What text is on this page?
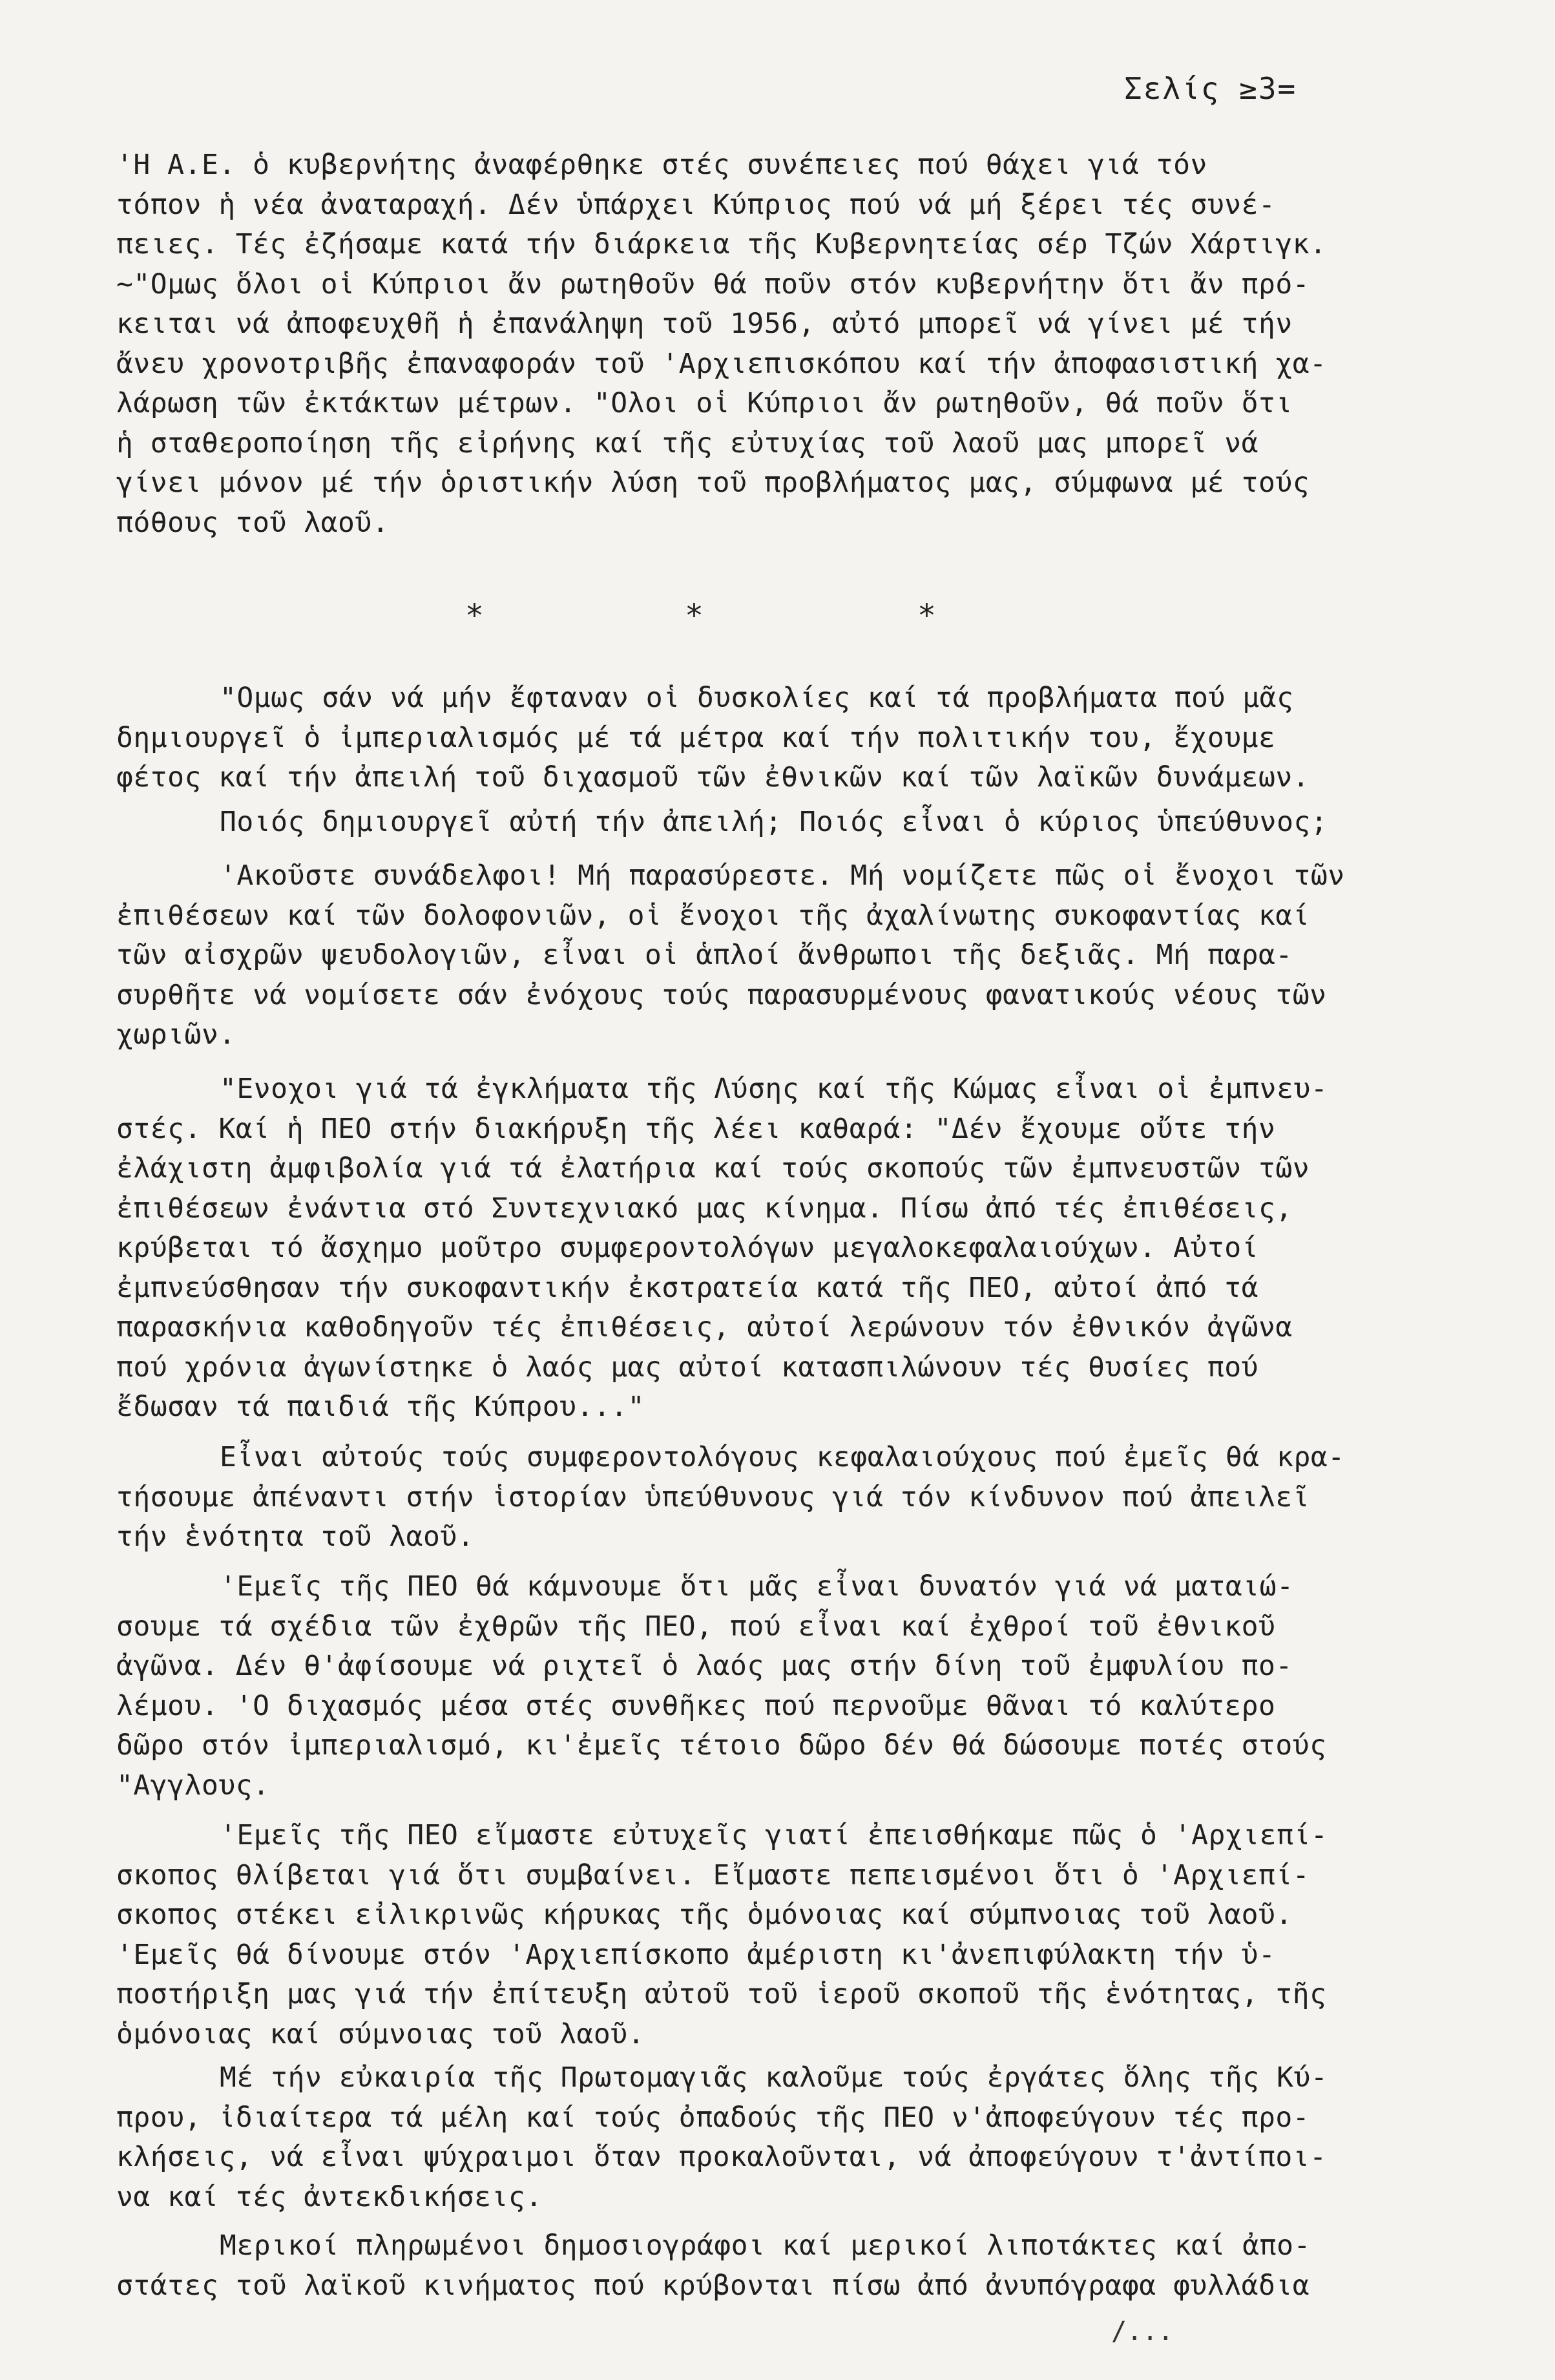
Σελίς ≥3=

'Η Α.Ε. ὁ κυβερνήτης ἀναφέρθηκε στές συνέπειες πού θάχει γιά τόν
τόπον ἡ νέα ἀναταραχή. Δέν ὑπάρχει Κύπριος πού νά μή ξέρει τές συνέ-
πειες. Τές ἐζήσαμε κατά τήν διάρκεια τῆς Κυβερνητείας σέρ Τζών Χάρτιγκ.
~"Ομως ὅλοι οἱ Κύπριοι ἄν ρωτηθοῦν θά ποῦν στόν κυβερνήτην ὅτι ἄν πρό-
κειται νά ἀποφευχθῆ ἡ ἐπανάληψη τοῦ 1956, αὐτό μπορεῖ νά γίνει μέ τήν
ἄνευ χρονοτριβῆς ἐπαναφοράν τοῦ 'Αρχιεπισκόπου καί τήν ἀποφασιστική χα-
λάρωση τῶν ἐκτάκτων μέτρων. "Ολοι οἱ Κύπριοι ἄν ρωτηθοῦν, θά ποῦν ὅτι
ἡ σταθεροποίηση τῆς εἰρήνης καί τῆς εὐτυχίας τοῦ λαοῦ μας μπορεῖ νά
γίνει μόνον μέ τήν ὁριστικήν λύση τοῦ προβλήματος μας, σύμφωνα μέ τούς
πόθους τοῦ λαοῦ.

*	*	*

"Ομως σάν νά μήν ἔφταναν οἱ δυσκολίες καί τά προβλήματα πού μᾶς
δημιουργεῖ ὁ ἰμπεριαλισμός μέ τά μέτρα καί τήν πολιτικήν του, ἔχουμε
φέτος καί τήν ἀπειλή τοῦ διχασμοῦ τῶν ἐθνικῶν καί τῶν λαϊκῶν δυνάμεων.

Ποιός δημιουργεῖ αὐτή τήν ἀπειλή; Ποιός εἶναι ὁ κύριος ὑπεύθυνος;

'Ακοῦστε συνάδελφοι! Μή παρασύρεστε. Μή νομίζετε πῶς οἱ ἔνοχοι τῶν
ἐπιθέσεων καί τῶν δολοφονιῶν, οἱ ἔνοχοι τῆς ἀχαλίνωτης συκοφαντίας καί
τῶν αἰσχρῶν ψευδολογιῶν, εἶναι οἱ ἁπλοί ἄνθρωποι τῆς δεξιᾶς. Μή παρα-
συρθῆτε νά νομίσετε σάν ἐνόχους τούς παρασυρμένους φανατικούς νέους τῶν
χωριῶν.

"Ενοχοι γιά τά ἐγκλήματα τῆς Λύσης καί τῆς Κώμας εἶναι οἱ ἐμπνευ-
στές. Καί ἡ ΠΕΟ στήν διακήρυξη τῆς λέει καθαρά: "Δέν ἔχουμε οὔτε τήν
ἐλάχιστη ἀμφιβολία γιά τά ἐλατήρια καί τούς σκοπούς τῶν ἐμπνευστῶν τῶν
ἐπιθέσεων ἐνάντια στό Συντεχνιακό μας κίνημα. Πίσω ἀπό τές ἐπιθέσεις,
κρύβεται τό ἄσχημο μοῦτρο συμφεροντολόγων μεγαλοκεφαλαιούχων. Αὐτοί
ἐμπνεύσθησαν τήν συκοφαντικήν ἐκστρατεία κατά τῆς ΠΕΟ, αὐτοί ἀπό τά
παρασκήνια καθοδηγοῦν τές ἐπιθέσεις, αὐτοί λερώνουν τόν ἐθνικόν ἀγῶνα
πού χρόνια ἀγωνίστηκε ὁ λαός μας αὐτοί κατασπιλώνουν τές θυσίες πού
ἔδωσαν τά παιδιά τῆς Κύπρου..."

Εἶναι αὐτούς τούς συμφεροντολόγους κεφαλαιούχους πού ἐμεῖς θά κρα-
τήσουμε ἀπέναντι στήν ἱστορίαν ὑπεύθυνους γιά τόν κίνδυνον πού ἀπειλεῖ
τήν ἑνότητα τοῦ λαοῦ.

'Εμεῖς τῆς ΠΕΟ θά κάμνουμε ὅτι μᾶς εἶναι δυνατόν γιά νά ματαιώ-
σουμε τά σχέδια τῶν ἐχθρῶν τῆς ΠΕΟ, πού εἶναι καί ἐχθροί τοῦ ἐθνικοῦ
ἀγῶνα. Δέν θ'ἀφίσουμε νά ριχτεῖ ὁ λαός μας στήν δίνη τοῦ ἐμφυλίου πο-
λέμου. 'Ο διχασμός μέσα στές συνθῆκες πού περνοῦμε θᾶναι τό καλύτερο
δῶρο στόν ἰμπεριαλισμό, κι'ἐμεῖς τέτοιο δῶρο δέν θά δώσουμε ποτές στούς
"Αγγλους.

'Εμεῖς τῆς ΠΕΟ εἴμαστε εὐτυχεῖς γιατί ἐπεισθήκαμε πῶς ὁ 'Αρχιεπί-
σκοπος θλίβεται γιά ὅτι συμβαίνει. Εἴμαστε πεπεισμένοι ὅτι ὁ 'Αρχιεπί-
σκοπος στέκει εἰλικρινῶς κήρυκας τῆς ὁμόνοιας καί σύμπνοιας τοῦ λαοῦ.
'Εμεῖς θά δίνουμε στόν 'Αρχιεπίσκοπο ἀμέριστη κι'ἀνεπιφύλακτη τήν ὑ-
ποστήριξη μας γιά τήν ἐπίτευξη αὐτοῦ τοῦ ἱεροῦ σκοποῦ τῆς ἑνότητας, τῆς
ὁμόνοιας καί σύμνοιας τοῦ λαοῦ.

Μέ τήν εὐκαιρία τῆς Πρωτομαγιᾶς καλοῦμε τούς ἐργάτες ὅλης τῆς Κύ-
πρου, ἰδιαίτερα τά μέλη καί τούς ὀπαδούς τῆς ΠΕΟ ν'ἀποφεύγουν τές προ-
κλήσεις, νά εἶναι ψύχραιμοι ὅταν προκαλοῦνται, νά ἀποφεύγουν τ'ἀντίποι-
να καί τές ἀντεκδικήσεις.

Μερικοί πληρωμένοι δημοσιογράφοι καί μερικοί λιποτάκτες καί ἀπο-
στάτες τοῦ λαϊκοῦ κινήματος πού κρύβονται πίσω ἀπό ἀνυπόγραφα φυλλάδια

/...
